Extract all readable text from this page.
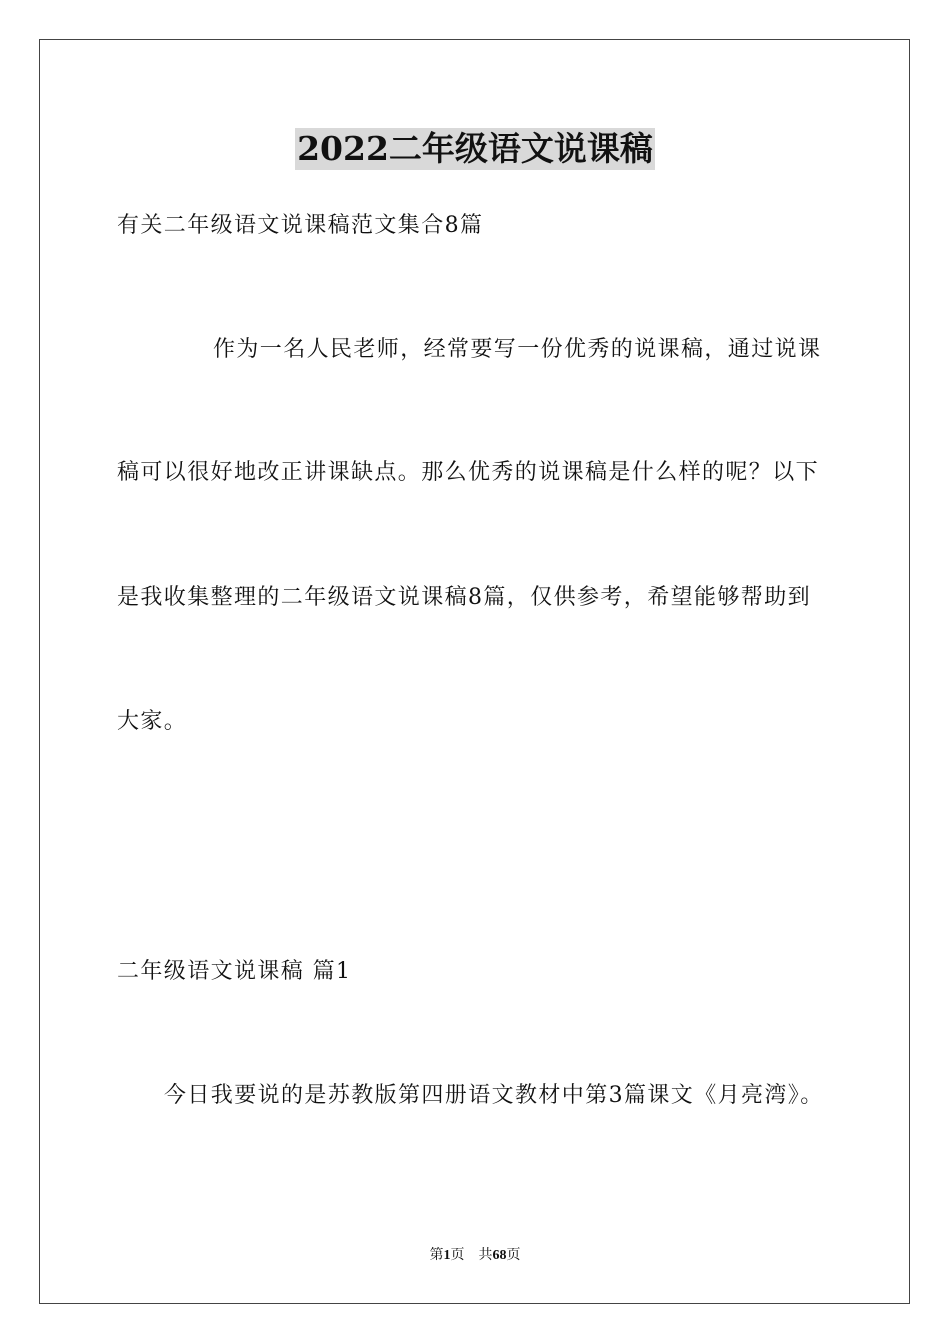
2022二年级语文说课稿
有关二年级语文说课稿范文集合8篇
作为一名人民老师，经常要写一份优秀的说课稿，通过说课
稿可以很好地改正讲课缺点。那么优秀的说课稿是什么样的呢？以下
是我收集整理的二年级语文说课稿8篇，仅供参考，希望能够帮助到
大家。
二年级语文说课稿 篇1
今日我要说的是苏教版第四册语文教材中第3篇课文《月亮湾》。
第1页　共68页
